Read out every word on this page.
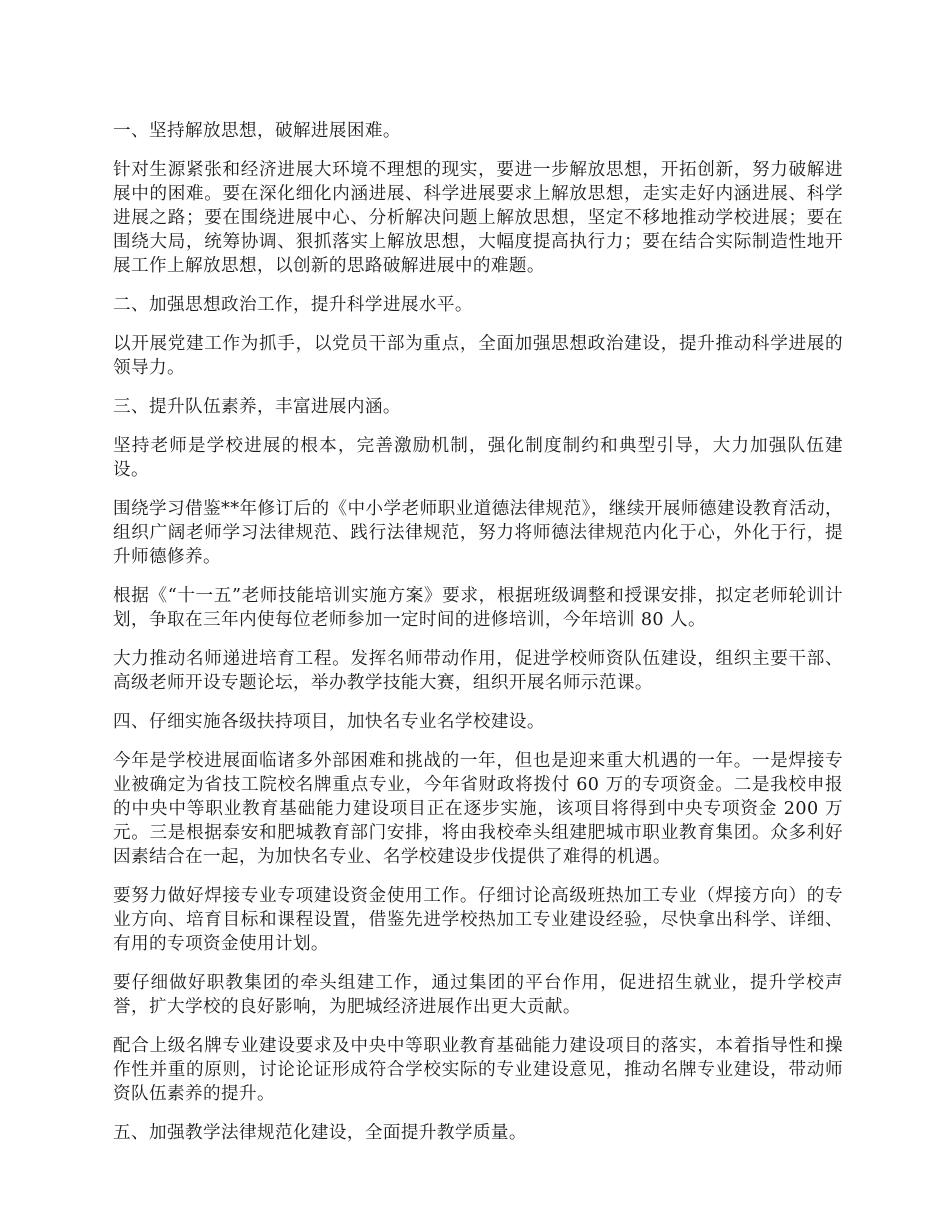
一、坚持解放思想，破解进展困难。

针对生源紧张和经济进展大环境不理想的现实，要进一步解放思想，开拓创新，努力破解进展中的困难。要在深化细化内涵进展、科学进展要求上解放思想，走实走好内涵进展、科学进展之路；要在围绕进展中心、分析解决问题上解放思想，坚定不移地推动学校进展；要在围绕大局，统筹协调、狠抓落实上解放思想，大幅度提高执行力；要在结合实际制造性地开展工作上解放思想，以创新的思路破解进展中的难题。

二、加强思想政治工作，提升科学进展水平。

以开展党建工作为抓手，以党员干部为重点，全面加强思想政治建设，提升推动科学进展的领导力。

三、提升队伍素养，丰富进展内涵。

坚持老师是学校进展的根本，完善激励机制，强化制度制约和典型引导，大力加强队伍建设。

围绕学习借鉴**年修订后的《中小学老师职业道德法律规范》，继续开展师德建设教育活动，组织广阔老师学习法律规范、践行法律规范，努力将师德法律规范内化于心，外化于行，提升师德修养。

根据《“十一五”老师技能培训实施方案》要求，根据班级调整和授课安排，拟定老师轮训计划，争取在三年内使每位老师参加一定时间的进修培训，今年培训 80 人。

大力推动名师递进培育工程。发挥名师带动作用，促进学校师资队伍建设，组织主要干部、高级老师开设专题论坛，举办教学技能大赛，组织开展名师示范课。

四、仔细实施各级扶持项目，加快名专业名学校建设。

今年是学校进展面临诸多外部困难和挑战的一年，但也是迎来重大机遇的一年。一是焊接专业被确定为省技工院校名牌重点专业，今年省财政将拨付 60 万的专项资金。二是我校申报的中央中等职业教育基础能力建设项目正在逐步实施，该项目将得到中央专项资金 200 万元。三是根据泰安和肥城教育部门安排，将由我校牵头组建肥城市职业教育集团。众多利好因素结合在一起，为加快名专业、名学校建设步伐提供了难得的机遇。

要努力做好焊接专业专项建设资金使用工作。仔细讨论高级班热加工专业（焊接方向）的专业方向、培育目标和课程设置，借鉴先进学校热加工专业建设经验，尽快拿出科学、详细、有用的专项资金使用计划。

要仔细做好职教集团的牵头组建工作，通过集团的平台作用，促进招生就业，提升学校声誉，扩大学校的良好影响，为肥城经济进展作出更大贡献。

配合上级名牌专业建设要求及中央中等职业教育基础能力建设项目的落实，本着指导性和操作性并重的原则，讨论论证形成符合学校实际的专业建设意见，推动名牌专业建设，带动师资队伍素养的提升。

五、加强教学法律规范化建设，全面提升教学质量。
